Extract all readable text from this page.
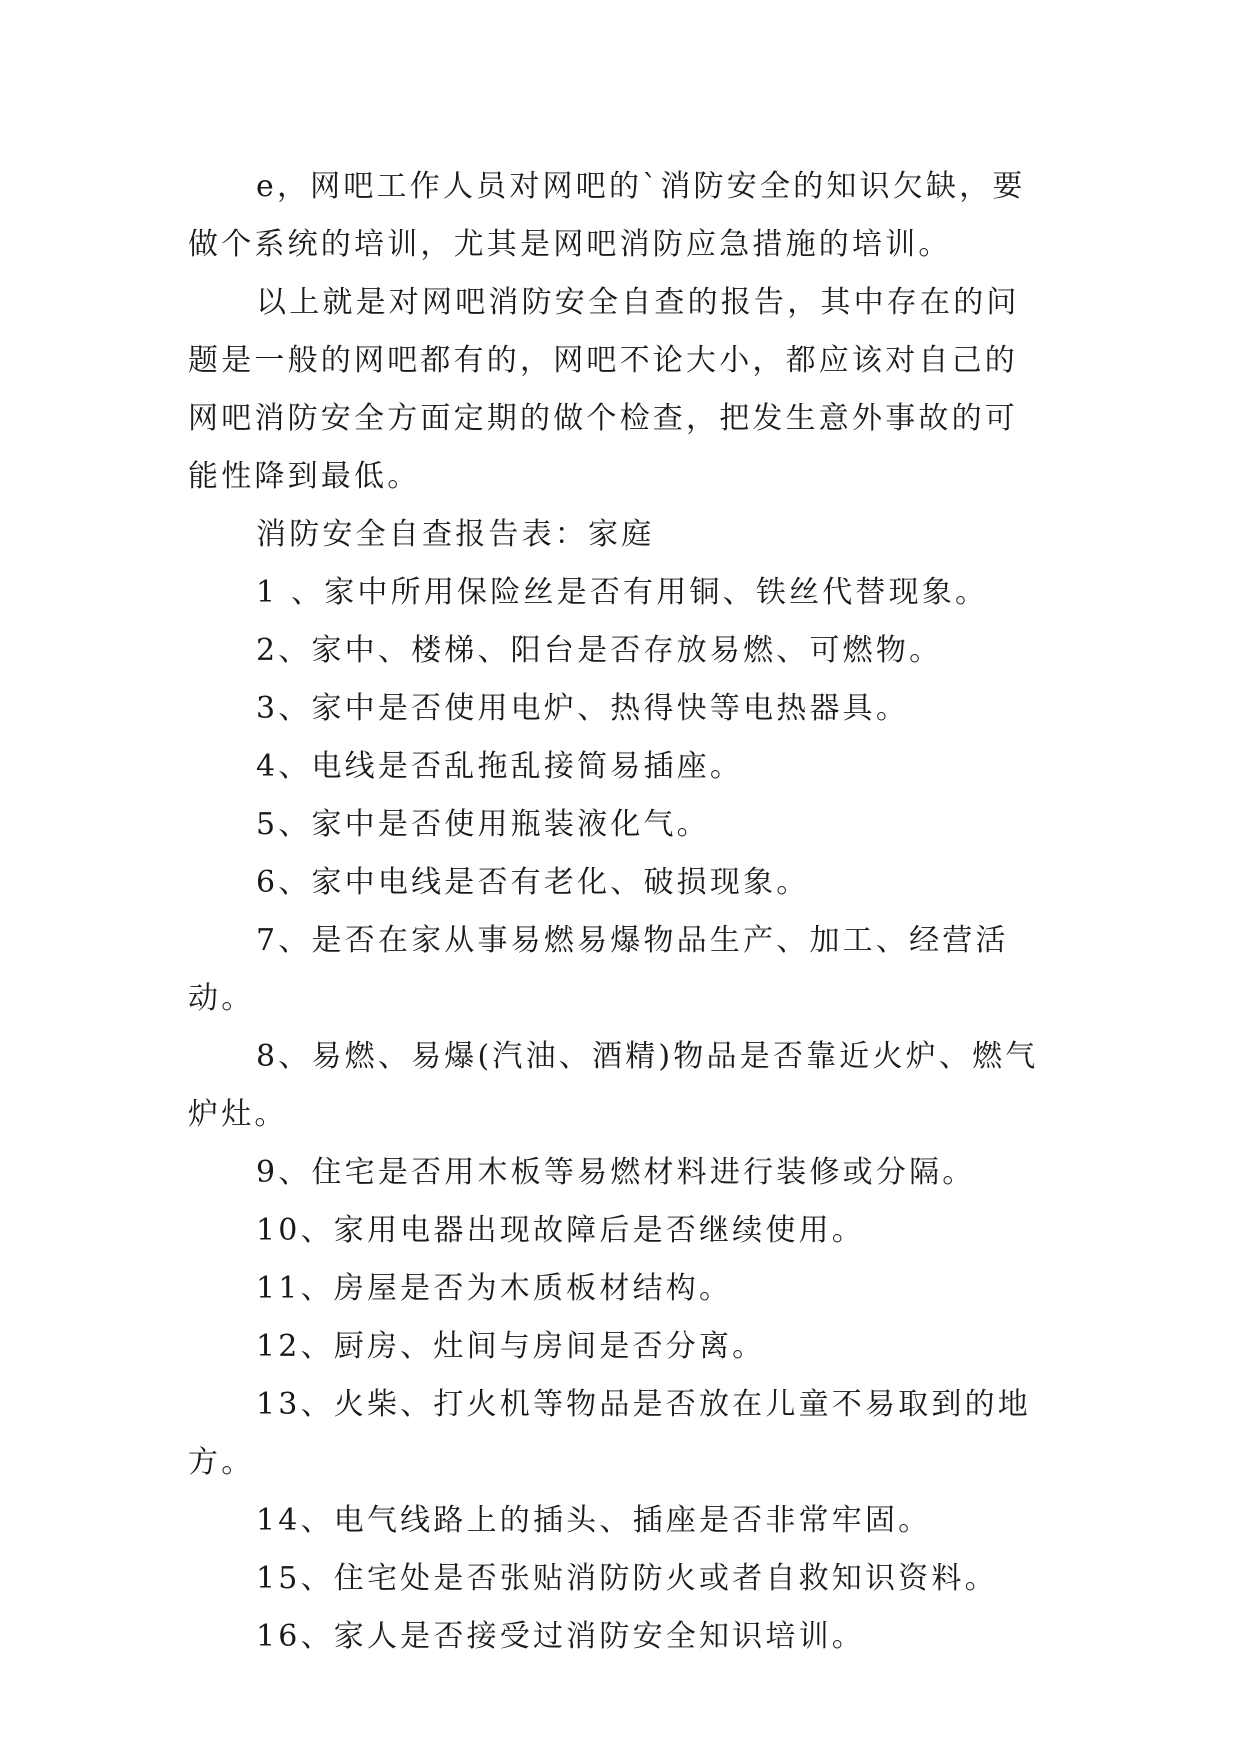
e，网吧工作人员对网吧的`消防安全的知识欠缺，要做个系统的培训，尤其是网吧消防应急措施的培训。

以上就是对网吧消防安全自查的报告，其中存在的问题是一般的网吧都有的，网吧不论大小，都应该对自己的网吧消防安全方面定期的做个检查，把发生意外事故的可能性降到最低。

消防安全自查报告表：家庭

1 、家中所用保险丝是否有用铜、铁丝代替现象。

2、家中、楼梯、阳台是否存放易燃、可燃物。

3、家中是否使用电炉、热得快等电热器具。

4、电线是否乱拖乱接简易插座。

5、家中是否使用瓶装液化气。

6、家中电线是否有老化、破损现象。

7、是否在家从事易燃易爆物品生产、加工、经营活动。

8、易燃、易爆(汽油、酒精)物品是否靠近火炉、燃气炉灶。

9、住宅是否用木板等易燃材料进行装修或分隔。

10、家用电器出现故障后是否继续使用。

11、房屋是否为木质板材结构。

12、厨房、灶间与房间是否分离。

13、火柴、打火机等物品是否放在儿童不易取到的地方。

14、电气线路上的插头、插座是否非常牢固。

15、住宅处是否张贴消防防火或者自救知识资料。

16、家人是否接受过消防安全知识培训。
